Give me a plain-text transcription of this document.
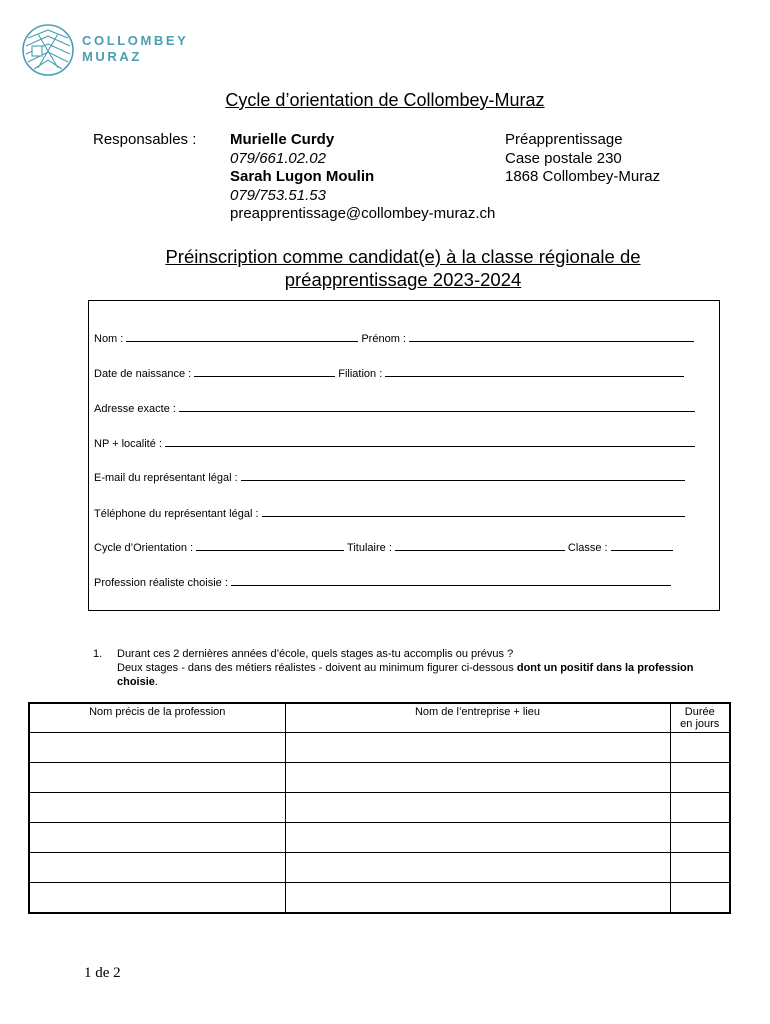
COLLOMBEY
MURAZ
Cycle d’orientation de Collombey-Muraz
Responsables : Murielle Curdy
079/661.02.02
Sarah Lugon Moulin
079/753.51.53
preapprentissage@collombey-muraz.ch
Préapprentissage
Case postale 230
1868 Collombey-Muraz
Préinscription comme candidat(e) à la classe régionale de
préapprentissage 2023-2024
Nom :	Prénom :
Date de naissance :	Filiation :
Adresse exacte :
NP + localité :
E-mail du représentant légal :
Téléphone du représentant légal :
Cycle d’Orientation :	Titulaire :	Classe :
Profession réaliste choisie :
1. Durant ces 2 dernières années d’école, quels stages as-tu accomplis ou prévus ?
Deux stages - dans des métiers réalistes - doivent au minimum figurer ci-dessous dont un positif dans la profession choisie.
Nom précis de la profession	Nom de l’entreprise + lieu	Durée
en jours

1 de 2
